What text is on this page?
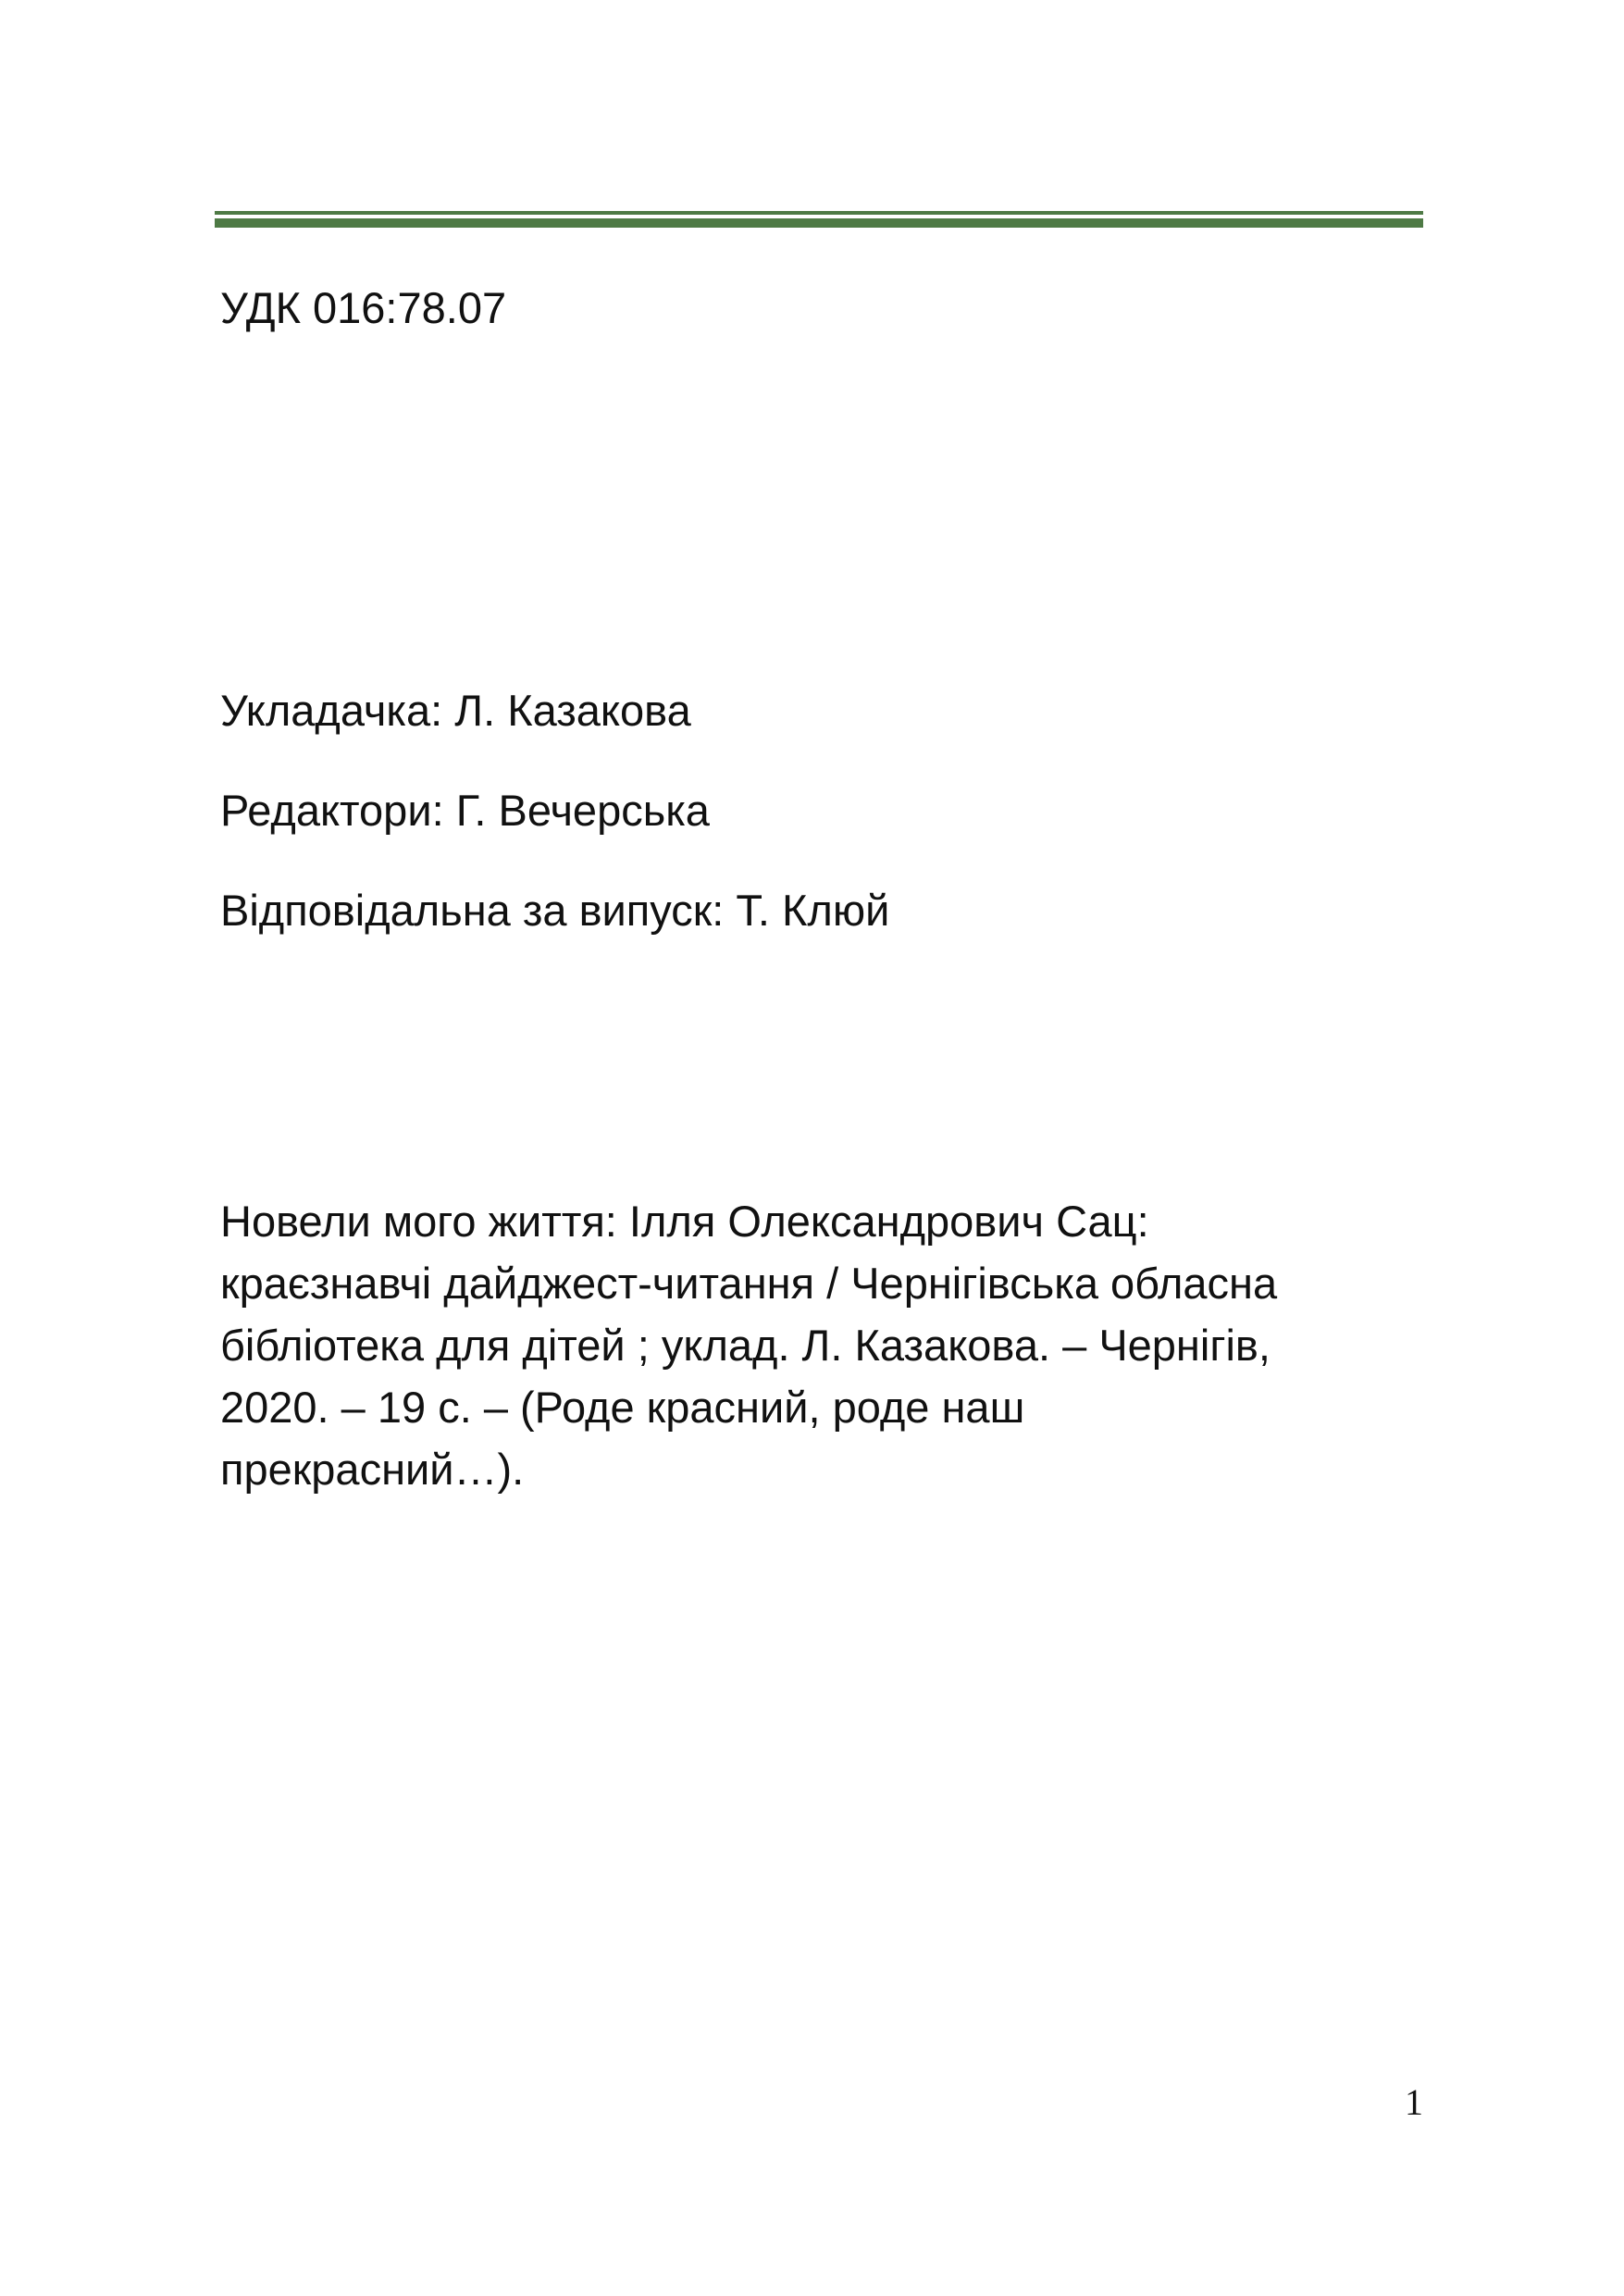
УДК 016:78.07
Укладачка: Л. Казакова
Редактори: Г. Вечерська
Відповідальна за випуск: Т. Клюй
Новели мого життя: Ілля Олександрович Сац:
краєзнавчі дайджест-читання / Чернігівська обласна
бібліотека для дітей ; уклад. Л. Казакова. – Чернігів,
2020. – 19 с. – (Роде красний, роде наш
прекрасний…).
1
